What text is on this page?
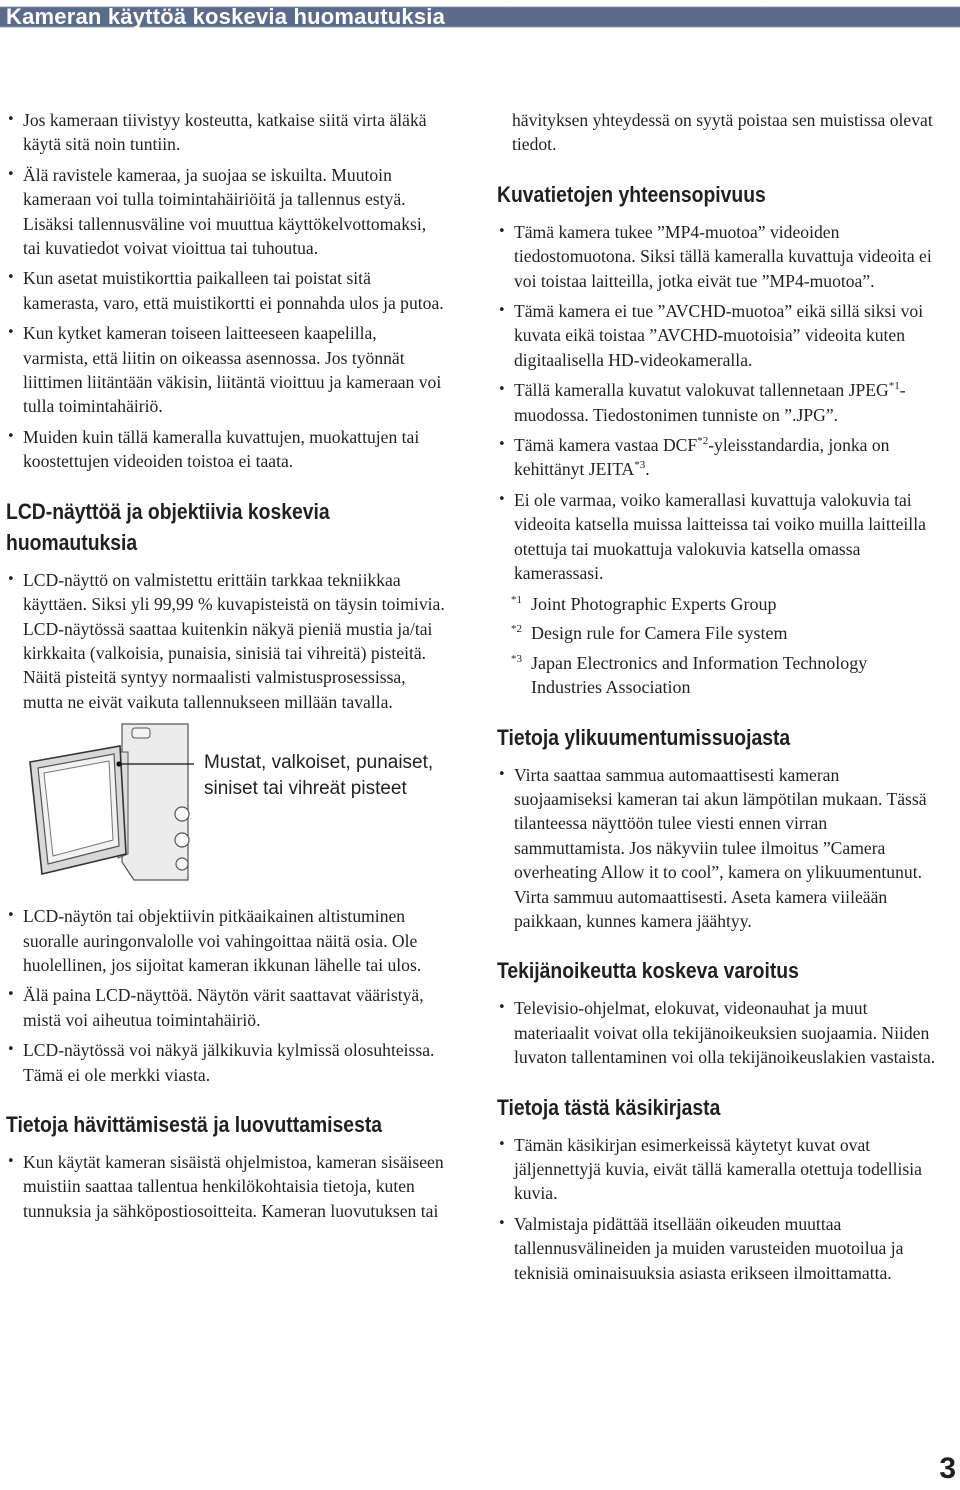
Kameran käyttöä koskevia huomautuksia
• Jos kameraan tiivistyy kosteutta, katkaise siitä virta äläkä käytä sitä noin tuntiin.
• Älä ravistele kameraa, ja suojaa se iskuilta. Muutoin kameraan voi tulla toimintahäiriöitä ja tallennus estyä. Lisäksi tallennusväline voi muuttua käyttökelvottomaksi, tai kuvatiedot voivat vioittua tai tuhoutua.
• Kun asetat muistikorttia paikalleen tai poistat sitä kamerasta, varo, että muistikortti ei ponnahda ulos ja putoa.
• Kun kytket kameran toiseen laitteeseen kaapelilla, varmista, että liitin on oikeassa asennossa. Jos työnnät liittimen liitäntään väkisin, liitäntä vioittuu ja kameraan voi tulla toimintahäiriö.
• Muiden kuin tällä kameralla kuvattujen, muokattujen tai koostettujen videoiden toistoa ei taata.
LCD-näyttöä ja objektiivia koskevia huomautuksia
• LCD-näyttö on valmistettu erittäin tarkkaa tekniikkaa käyttäen. Siksi yli 99,99 % kuvapisteistä on täysin toimivia. LCD-näytössä saattaa kuitenkin näkyä pieniä mustia ja/tai kirkkaita (valkoisia, punaisia, sinisiä tai vihreitä) pisteitä. Näitä pisteitä syntyy normaalisti valmistusprosessissa, mutta ne eivät vaikuta tallennukseen millään tavalla.
Mustat, valkoiset, punaiset, siniset tai vihreät pisteet
• LCD-näytön tai objektiivin pitkäaikainen altistuminen suoralle auringonvalolle voi vahingoittaa näitä osia. Ole huolellinen, jos sijoitat kameran ikkunan lähelle tai ulos.
• Älä paina LCD-näyttöä. Näytön värit saattavat vääristyä, mistä voi aiheutua toimintahäiriö.
• LCD-näytössä voi näkyä jälkikuvia kylmissä olosuhteissa. Tämä ei ole merkki viasta.
Tietoja hävittämisestä ja luovuttamisesta
• Kun käytät kameran sisäistä ohjelmistoa, kameran sisäiseen muistiin saattaa tallentua henkilökohtaisia tietoja, kuten tunnuksia ja sähköpostiosoitteita. Kameran luovutuksen tai

hävityksen yhteydessä on syytä poistaa sen muistissa olevat tiedot.

Kuvatietojen yhteensopivuus
• Tämä kamera tukee ”MP4-muotoa” videoiden tiedostomuotona. Siksi tällä kameralla kuvattuja videoita ei voi toistaa laitteilla, jotka eivät tue ”MP4-muotoa”.
• Tämä kamera ei tue ”AVCHD-muotoa” eikä sillä siksi voi kuvata eikä toistaa ”AVCHD-muotoisia” videoita kuten digitaalisella HD-videokameralla.
• Tällä kameralla kuvatut valokuvat tallennetaan JPEG$^{*1}$-muodossa. Tiedostonimen tunniste on ”.JPG”.
• Tämä kamera vastaa DCF$^{*2}$-yleisstandardia, jonka on kehittänyt JEITA$^{*3}$.
• Ei ole varmaa, voiko kamerallasi kuvattuja valokuvia tai videoita katsella muissa laitteissa tai voiko muilla laitteilla otettuja tai muokattuja valokuvia katsella omassa kamerassasi.
$^{*1}$ Joint Photographic Experts Group
$^{*2}$ Design rule for Camera File system
$^{*3}$ Japan Electronics and Information Technology Industries Association
Tietoja ylikuumentumissuojasta
• Virta saattaa sammua automaattisesti kameran suojaamiseksi kameran tai akun lämpötilan mukaan. Tässä tilanteessa näyttöön tulee viesti ennen virran sammuttamista. Jos näkyviin tulee ilmoitus ”Camera overheating Allow it to cool”, kamera on ylikuumentunut. Virta sammuu automaattisesti. Aseta kamera viileään paikkaan, kunnes kamera jäähtyy.
Tekijänoikeutta koskeva varoitus
• Televisio-ohjelmat, elokuvat, videonauhat ja muut materiaalit voivat olla tekijänoikeuksien suojaamia. Niiden luvaton tallentaminen voi olla tekijänoikeuslakien vastaista.
Tietoja tästä käsikirjasta
• Tämän käsikirjan esimerkeissä käytetyt kuvat ovat jäljennettyjä kuvia, eivät tällä kameralla otettuja todellisia kuvia.
• Valmistaja pidättää itsellään oikeuden muuttaa tallennusvälineiden ja muiden varusteiden muotoilua ja teknisiä ominaisuuksia asiasta erikseen ilmoittamatta.
3
